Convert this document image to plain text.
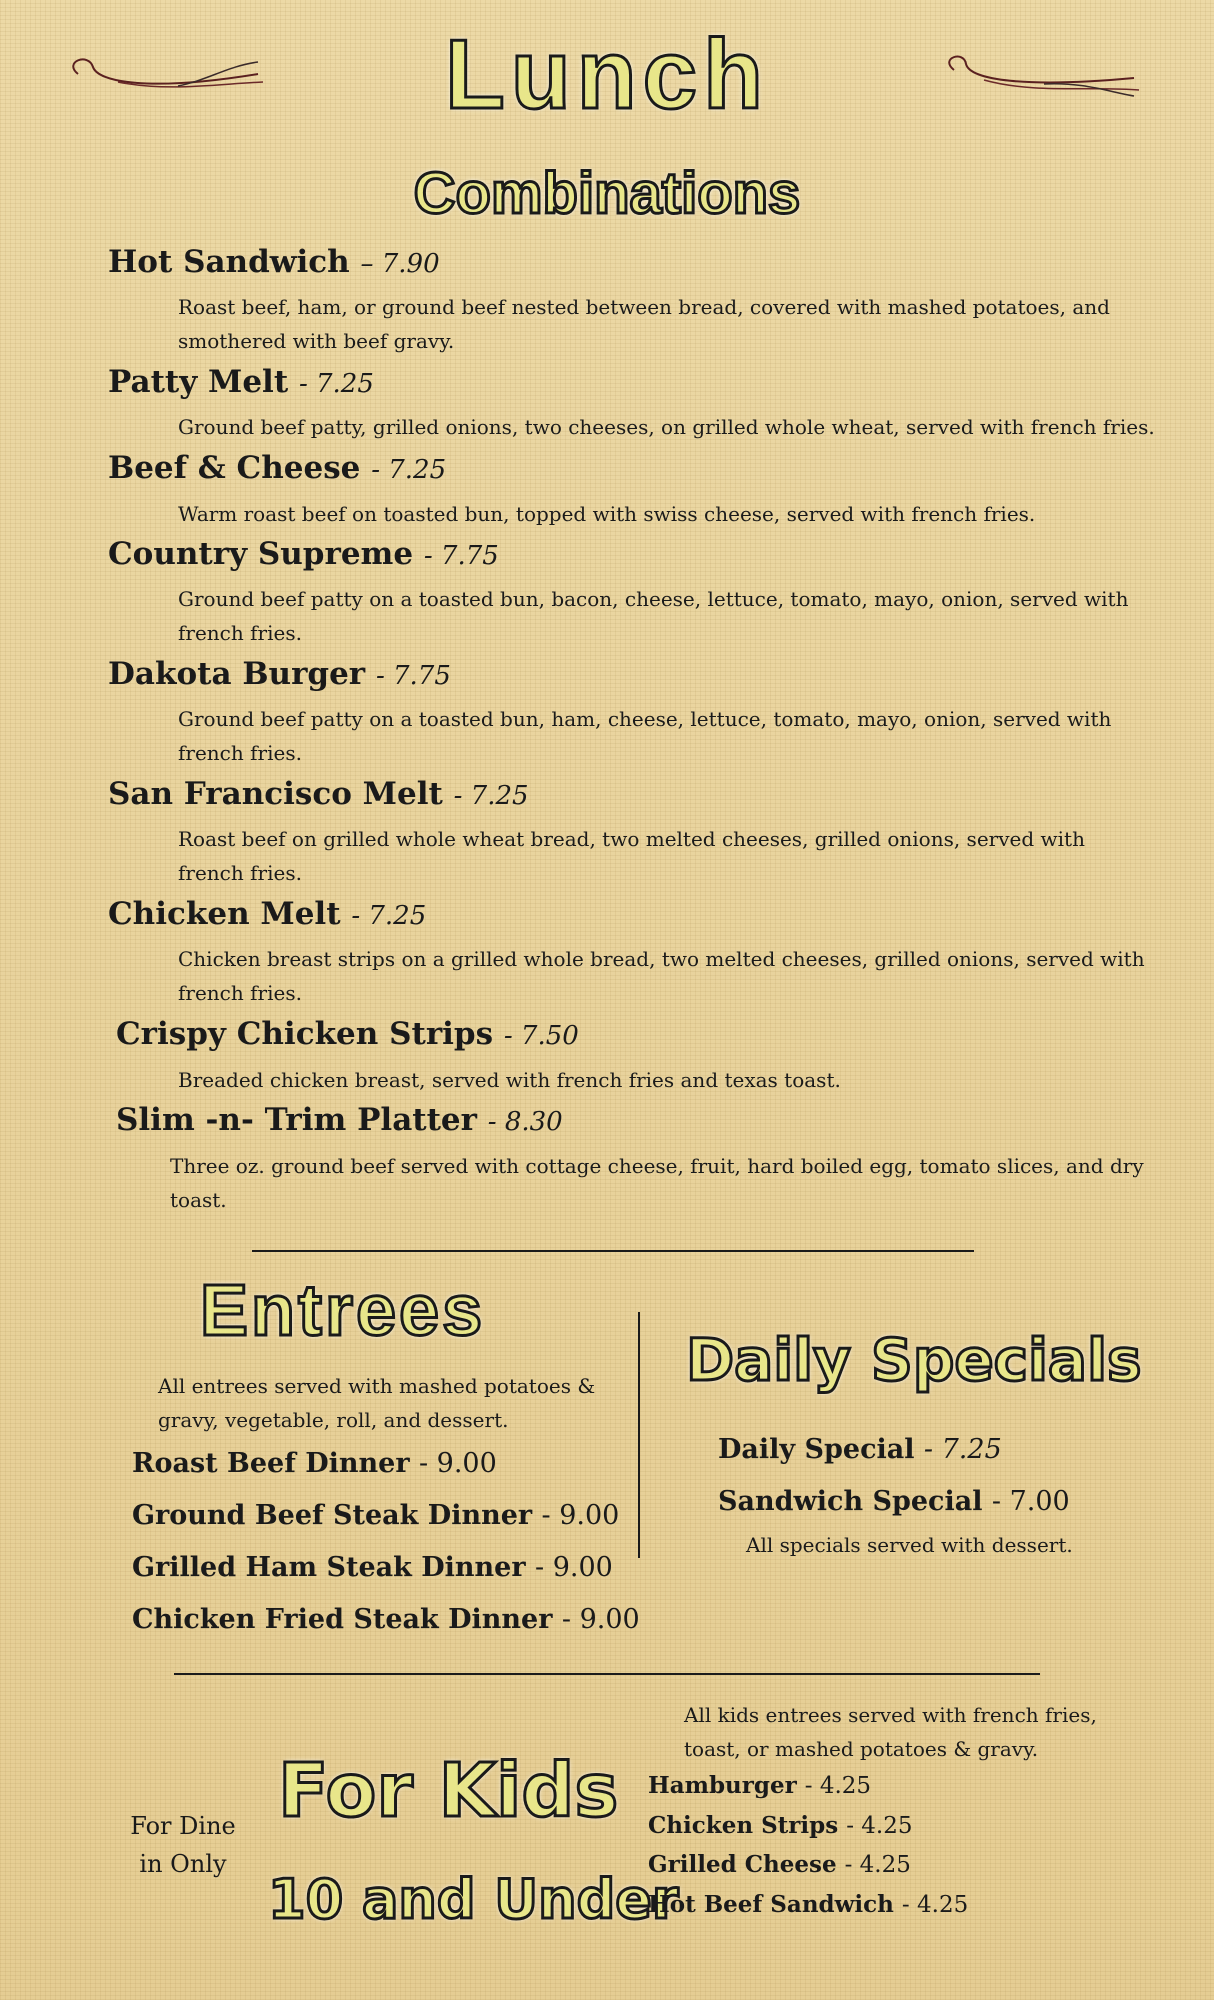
Lunch
Combinations
Hot Sandwich – 7.90
Roast beef, ham, or ground beef nested between bread, covered with mashed potatoes, and smothered with beef gravy.
Patty Melt - 7.25
Ground beef patty, grilled onions, two cheeses, on grilled whole wheat, served with french fries.
Beef & Cheese - 7.25
Warm roast beef on toasted bun, topped with swiss cheese, served with french fries.
Country Supreme - 7.75
Ground beef patty on a toasted bun, bacon, cheese, lettuce, tomato, mayo, onion, served with french fries.
Dakota Burger - 7.75
Ground beef patty on a toasted bun, ham, cheese, lettuce, tomato, mayo, onion, served with french fries.
San Francisco Melt - 7.25
Roast beef on grilled whole wheat bread, two melted cheeses, grilled onions, served with french fries.
Chicken Melt - 7.25
Chicken breast strips on a grilled whole bread, two melted cheeses, grilled onions, served with french fries.
Crispy Chicken Strips - 7.50
Breaded chicken breast, served with french fries and texas toast.
Slim -n- Trim Platter - 8.30
Three oz. ground beef served with cottage cheese, fruit, hard boiled egg, tomato slices, and dry toast.
Entrees
All entrees served with mashed potatoes & gravy, vegetable, roll, and dessert.
Roast Beef Dinner - 9.00
Ground Beef Steak Dinner - 9.00
Grilled Ham Steak Dinner - 9.00
Chicken Fried Steak Dinner - 9.00
Daily Specials
Daily Special - 7.25
Sandwich Special - 7.00
All specials served with dessert.
For Dine in Only
For Kids
10 and Under
All kids entrees served with french fries, toast, or mashed potatoes & gravy.
Hamburger - 4.25
Chicken Strips - 4.25
Grilled Cheese - 4.25
Hot Beef Sandwich - 4.25
